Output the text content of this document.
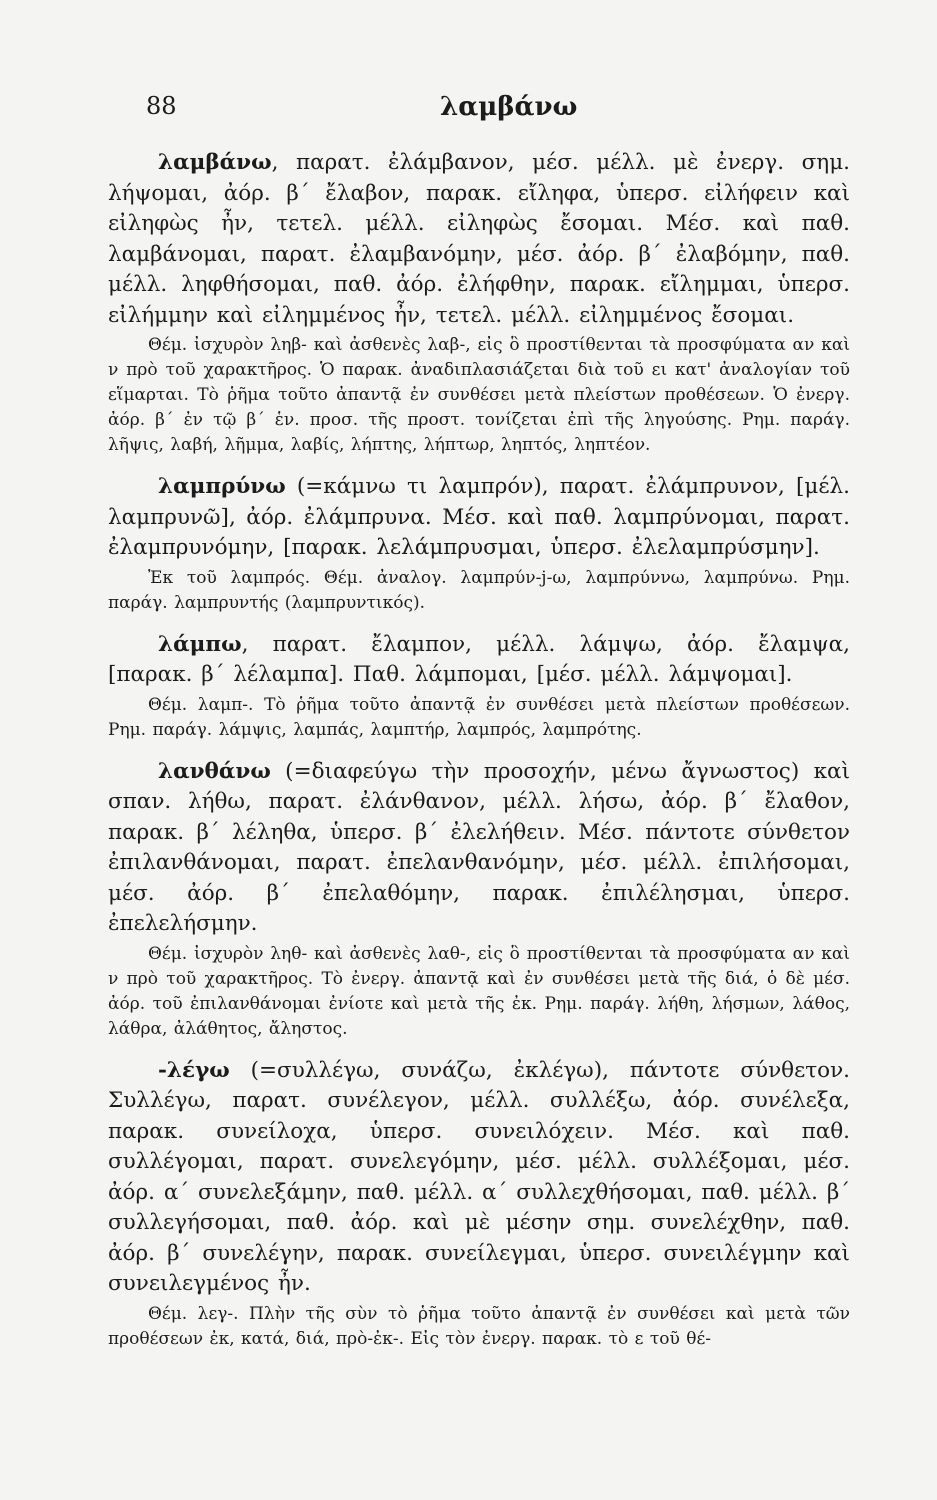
88	λαμβάνω
λαμβάνω, παρατ. ἐλάμβανον, μέσ. μέλλ. μὲ ἐνεργ. σημ. λήψομαι, ἀόρ. β΄ ἔλαβον, παρακ. εἴληφα, ὑπερσ. εἰλήφειν καὶ εἰληφὼς ἦν, τετελ. μέλλ. εἰληφὼς ἔσομαι. Μέσ. καὶ παθ. λαμβάνομαι, παρατ. ἐλαμβανόμην, μέσ. ἀόρ. β΄ ἐλαβόμην, παθ. μέλλ. ληφθήσομαι, παθ. ἀόρ. ἐλήφθην, παρακ. εἴλημμαι, ὑπερσ. εἰλήμμην καὶ εἰλημμένος ἦν, τετελ. μέλλ. εἰλημμένος ἔσομαι.
Θέμ. ἰσχυρὸν ληβ- καὶ ἀσθενὲς λαβ-, εἰς ὃ προστίθενται τὰ προσφύματα αν καὶ ν πρὸ τοῦ χαρακτῆρος. Ὁ παρακ. ἀναδιπλασιάζεται διὰ τοῦ ει κατ' ἀναλογίαν τοῦ εἵμαρται. Τὸ ῥῆμα τοῦτο ἀπαντᾷ ἐν συνθέσει μετὰ πλείστων προθέσεων. Ὁ ἐνεργ. ἀόρ. β΄ ἐν τῷ β΄ ἑν. προσ. τῆς προστ. τονίζεται ἐπὶ τῆς ληγούσης. Ρημ. παράγ. λῆψις, λαβή, λῆμμα, λαβίς, λήπτης, λήπτωρ, ληπτός, ληπτέον.
λαμπρύνω (=κάμνω τι λαμπρόν), παρατ. ἐλάμπρυνον, [μέλ. λαμπρυνῶ], ἀόρ. ἐλάμπρυνα. Μέσ. καὶ παθ. λαμπρύνομαι, παρατ. ἐλαμπρυνόμην, [παρακ. λελάμπρυσμαι, ὑπερσ. ἐλελαμπρύσμην].
Ἐκ τοῦ λαμπρός. Θέμ. ἀναλογ. λαμπρύν-j-ω, λαμπρύννω, λαμπρύνω. Ρημ. παράγ. λαμπρυντής (λαμπρυντικός).
λάμπω, παρατ. ἔλαμπον, μέλλ. λάμψω, ἀόρ. ἔλαμψα, [παρακ. β΄ λέλαμπα]. Παθ. λάμπομαι, [μέσ. μέλλ. λάμψομαι].
Θέμ. λαμπ-. Τὸ ῥῆμα τοῦτο ἀπαντᾷ ἐν συνθέσει μετὰ πλείστων προθέσεων. Ρημ. παράγ. λάμψις, λαμπάς, λαμπτήρ, λαμπρός, λαμπρότης.
λανθάνω (=διαφεύγω τὴν προσοχήν, μένω ἄγνωστος) καὶ σπαν. λήθω, παρατ. ἐλάνθανον, μέλλ. λήσω, ἀόρ. β΄ ἔλαθον, παρακ. β΄ λέληθα, ὑπερσ. β΄ ἐλελήθειν. Μέσ. πάντοτε σύνθετον ἐπιλανθάνομαι, παρατ. ἐπελανθανόμην, μέσ. μέλλ. ἐπιλήσομαι, μέσ. ἀόρ. β΄ ἐπελαθόμην, παρακ. ἐπιλέλησμαι, ὑπερσ. ἐπελελήσμην.
Θέμ. ἰσχυρὸν ληθ- καὶ ἀσθενὲς λαθ-, εἰς ὃ προστίθενται τὰ προσφύματα αν καὶ ν πρὸ τοῦ χαρακτῆρος. Τὸ ἐνεργ. ἀπαντᾷ καὶ ἐν συνθέσει μετὰ τῆς διά, ὁ δὲ μέσ. ἀόρ. τοῦ ἐπιλανθάνομαι ἐνίοτε καὶ μετὰ τῆς ἐκ. Ρημ. παράγ. λήθη, λήσμων, λάθος, λάθρα, ἀλάθητος, ἄληστος.
-λέγω (=συλλέγω, συνάζω, ἐκλέγω), πάντοτε σύνθετον. Συλλέγω, παρατ. συνέλεγον, μέλλ. συλλέξω, ἀόρ. συνέλεξα, παρακ. συνείλοχα, ὑπερσ. συνειλόχειν. Μέσ. καὶ παθ. συλλέγομαι, παρατ. συνελεγόμην, μέσ. μέλλ. συλλέξομαι, μέσ. ἀόρ. α΄ συνελεξάμην, παθ. μέλλ. α΄ συλλεχθήσομαι, παθ. μέλλ. β΄ συλλεγήσομαι, παθ. ἀόρ. καὶ μὲ μέσην σημ. συνελέχθην, παθ. ἀόρ. β΄ συνελέγην, παρακ. συνείλεγμαι, ὑπερσ. συνειλέγμην καὶ συνειλεγμένος ἦν.
Θέμ. λεγ-. Πλὴν τῆς σὺν τὸ ῥῆμα τοῦτο ἀπαντᾷ ἐν συνθέσει καὶ μετὰ τῶν προθέσεων ἐκ, κατά, διά, πρὸ-ἐκ-. Εἰς τὸν ἐνεργ. παρακ. τὸ ε τοῦ θέ-
